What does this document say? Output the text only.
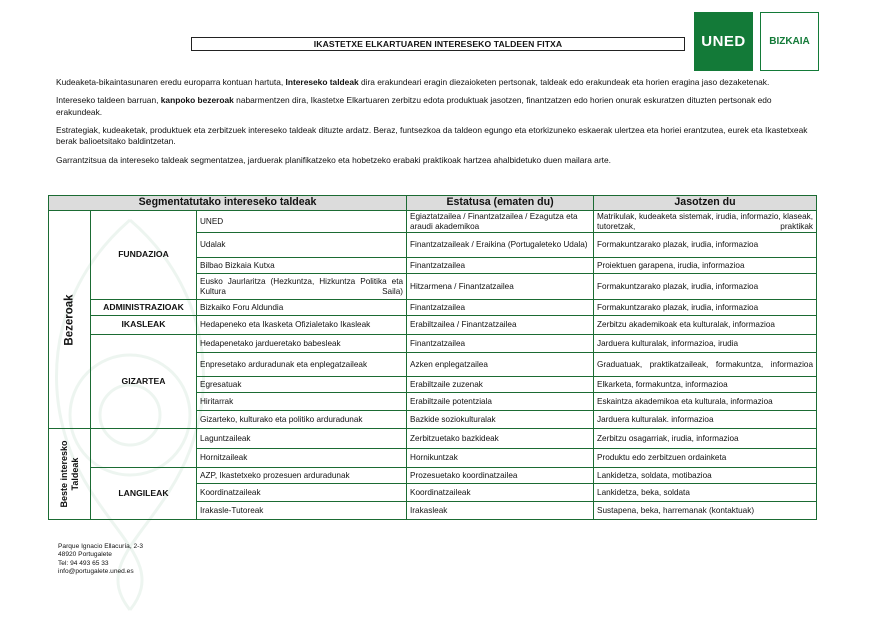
IKASTETXE ELKARTUAREN INTERESEKO TALDEEN FITXA	UNED	BIZKAIA

Kudeaketa-bikaintasunaren eredu europarra kontuan hartuta, Intereseko taldeak dira erakundeari eragin diezaioketen pertsonak, taldeak edo erakundeak eta horien eragina jaso dezaketenak.

Intereseko taldeen barruan, kanpoko bezeroak nabarmentzen dira, Ikastetxe Elkartuaren zerbitzu edota produktuak jasotzen, finantzatzen edo horien onurak eskuratzen dituzten pertsonak edo erakundeak.

Estrategiak, kudeaketak, produktuek eta zerbitzuek intereseko taldeak dituzte ardatz. Beraz, funtsezkoa da taldeon egungo eta etorkizuneko eskaerak ulertzea eta horiei erantzutea, eurek eta Ikastetxeak berak balioetsitako baldintzetan.

Garrantzitsua da intereseko taldeak segmentatzea, jarduerak planifikatzeko eta hobetzeko erabaki praktikoak hartzea ahalbidetuko duen mailara arte.

Segmentatutako intereseko taldeak			Estatusa (ematen du)	Jasotzen du

Bezeroak	FUNDAZIOA	UNED	Egiaztatzailea / Finantzatzailea / Ezagutza eta araudi akademikoa	Matrikulak, kudeaketa sistemak, irudia, informazio, klaseak, tutoretzak, praktikak
		Udalak	Finantzatzaileak / Eraikina (Portugaleteko Udala)	Formakuntzarako plazak, irudia, informazioa
		Bilbao Bizkaia Kutxa	Finantzatzailea	Proiektuen garapena, irudia, informazioa
		Eusko Jaurlaritza (Hezkuntza, Hizkuntza Politika eta Kultura Saila)	Hitzarmena / Finantzatzailea	Formakuntzarako plazak, irudia, informazioa
	ADMINISTRAZIOAK	Bizkaiko Foru Aldundia	Finantzatzailea	Formakuntzarako plazak, irudia, informazioa
	IKASLEAK	Hedapeneko eta Ikasketa Ofizialetako Ikasleak	Erabiltzailea / Finantzatzailea	Zerbitzu akademikoak eta kulturalak, informazioa
	GIZARTEA	Hedapenetako jardueretako babesleak	Finantzatzailea	Jarduera kulturalak, informazioa, irudia
		Enpresetako arduradunak eta enplegatzaileak	Azken enplegatzailea	Graduatuak, praktikatzaileak, formakuntza, informazioa
		Egresatuak	Erabiltzaile zuzenak	Elkarketa, formakuntza, informazioa
		Hiritarrak	Erabiltzaile potentziala	Eskaintza akademikoa eta kulturala, informazioa
		Gizarteko, kulturako eta politiko arduradunak	Bazkide soziokulturalak	Jarduera kulturalak. informazioa

Beste interesko
Taldeak		Laguntzaileak	Zerbitzuetako bazkideak	Zerbitzu osagarriak, irudia, informazioa
		Hornitzaileak	Hornikuntzak	Produktu edo zerbitzuen ordainketa
	LANGILEAK	AZP, Ikastetxeko prozesuen arduradunak	Prozesuetako koordinatzailea	Lankidetza, soldata, motibazioa
		Koordinatzaileak	Koordinatzaileak	Lankidetza, beka, soldata
		Irakasle-Tutoreak	Irakasleak	Sustapena, beka, harremanak (kontaktuak)
Parque Ignacio Ellacuría, 2-3
48920 Portugalete
Tel: 94 493 65 33
info@portugalete.uned.es
